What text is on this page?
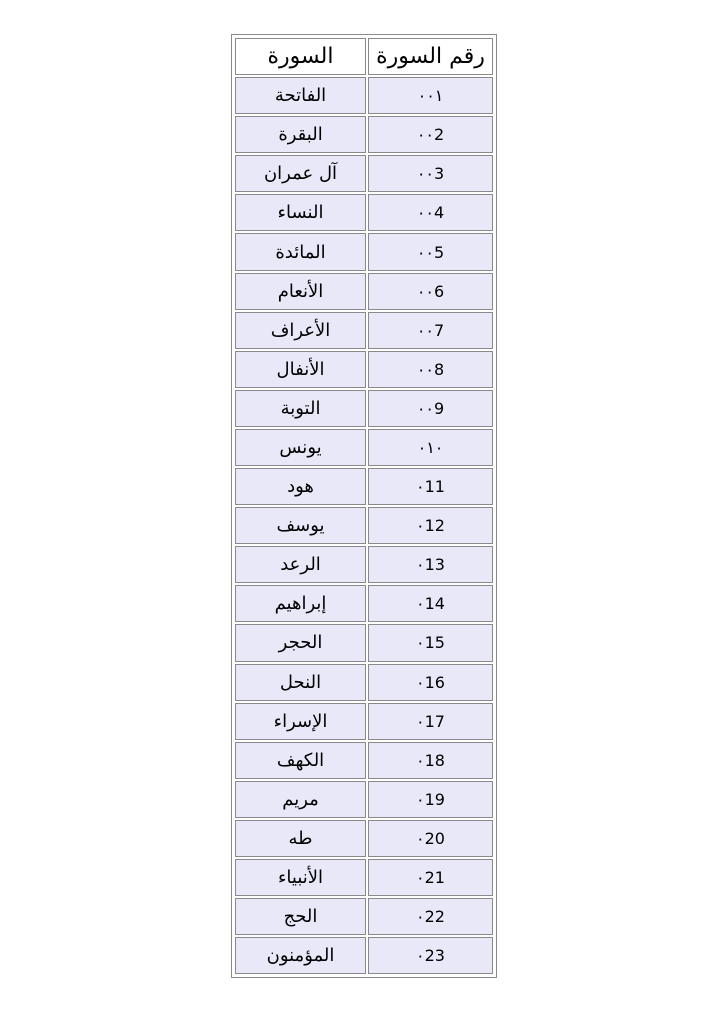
السورة	رقم السورة
الفاتحة	٠٠١
البقرة	٠٠2
آل عمران	٠٠3
النساء	٠٠4
المائدة	٠٠5
الأنعام	٠٠6
الأعراف	٠٠7
الأنفال	٠٠8
التوبة	٠٠9
يونس	٠١٠
هود	٠11
يوسف	٠12
الرعد	٠13
إبراهيم	٠14
الحجر	٠15
النحل	٠16
الإسراء	٠17
الكهف	٠18
مريم	٠19
طه	٠20
الأنبياء	٠21
الحج	٠22
المؤمنون	٠23
